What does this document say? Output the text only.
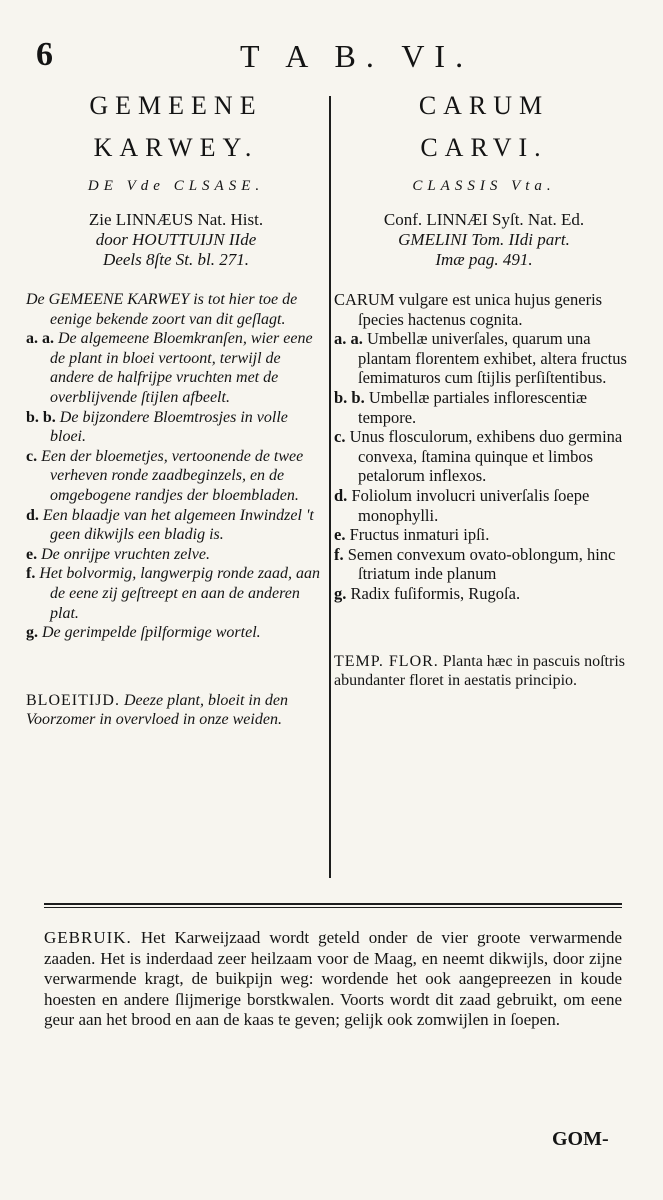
6	T A B. VI.
GEMEENE
KARWEY.
DE Vde CLSASE.
Zie LINNÆUS Nat. Hist.
door HOUTTUIJN IIde
Deels 8ſte St. bl. 271.

De GEMEENE KARWEY is tot hier toe de eenige bekende zoort van dit geſlagt.

a. a. De algemeene Bloemkranſen, wier eene de plant in bloei vertoont, terwijl de andere de halfrijpe vruchten met de overblijvende ſtijlen afbeelt.

b. b. De bijzondere Bloemtrosjes in volle bloei.

c. Een der bloemetjes, vertoonende de twee verheven ronde zaadbeginzels, en de omgebogene randjes der bloembladen.

d. Een blaadje van het algemeen Inwindzel 't geen dikwijls een bladig is.

e. De onrijpe vruchten zelve.

f. Het bolvormig, langwerpig ronde zaad, aan de eene zij geſtreept en aan de anderen plat.

g. De gerimpelde ſpilformige wortel.

BLOEITIJD. Deeze plant, bloeit in den Voorzomer in overvloed in onze weiden.
CARUM
CARVI.
CLASSIS Vta.
Conf. LINNÆI Syſt. Nat. Ed.
GMELINI Tom. IIdi part.
Imæ pag. 491.

CARUM vulgare est unica hujus generis ſpecies hactenus cognita.

a. a. Umbellæ univerſales, quarum una plantam florentem exhibet, altera fructus ſemimaturos cum ſtijlis perſiſtentibus.

b. b. Umbellæ partiales inflorescentiæ tempore.

c. Unus flosculorum, exhibens duo germina convexa, ſtamina quinque et limbos petalorum inflexos.

d. Foliolum involucri univerſalis ſoepe monophylli.

e. Fructus inmaturi ipſi.

f. Semen convexum ovato-oblongum, hinc ſtriatum inde planum

g. Radix fuſiformis, Rugoſa.

TEMP. FLOR. Planta hæc in pascuis noſtris abundanter floret in aestatis principio.
GEBRUIK. Het Karweijzaad wordt geteld onder de vier groote verwarmende zaaden. Het is inderdaad zeer heilzaam voor de Maag, en neemt dikwijls, door zijne verwarmende kragt, de buikpijn weg: wordende het ook aangepreezen in koude hoesten en andere ſlijmerige borstkwalen. Voorts wordt dit zaad gebruikt, om eene geur aan het brood en aan de kaas te geven; gelijk ook zomwijlen in ſoepen.
GOM-
